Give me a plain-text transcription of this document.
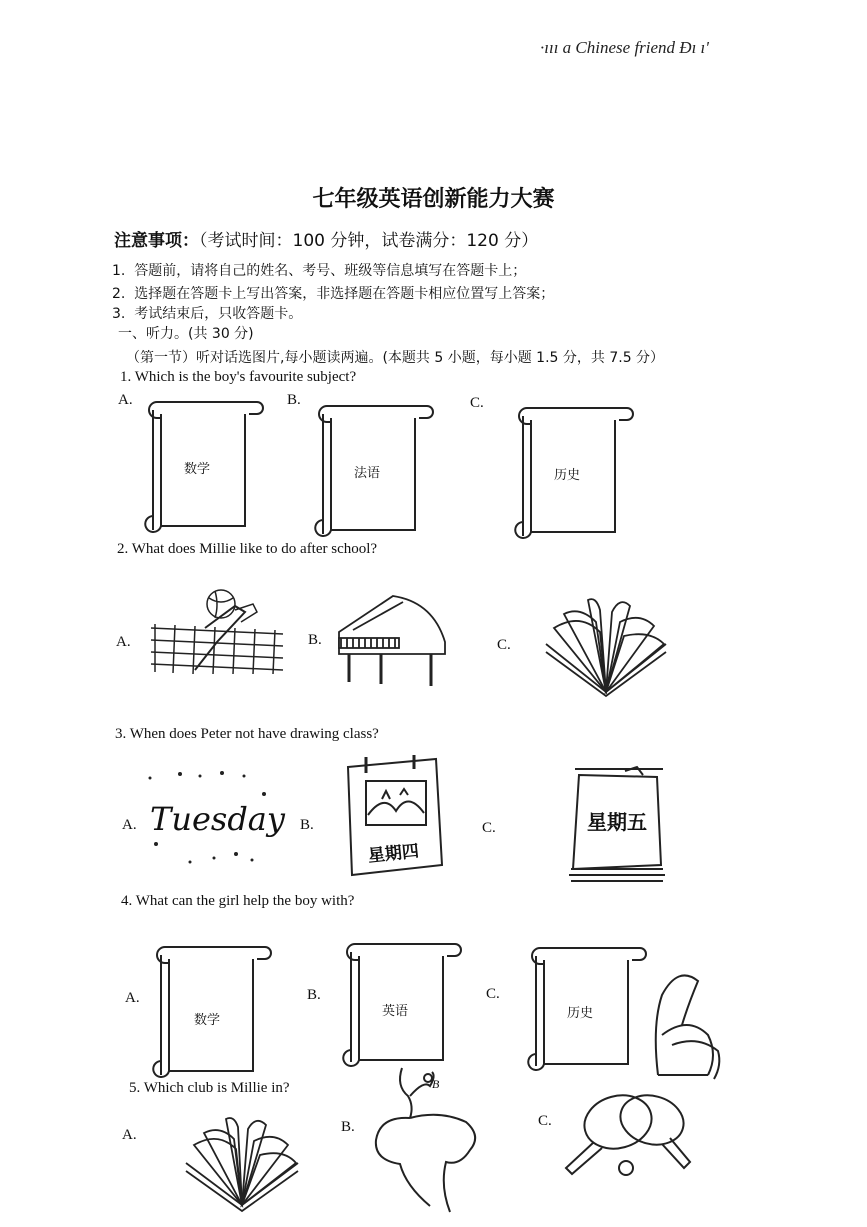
·ııı a Chinese friend Ɖı ı'
七年级英语创新能力大赛
注意事项：（考试时间：100 分钟，试卷满分：120 分）
1. 答题前，请将自己的姓名、考号、班级等信息填写在答题卡上；
2. 选择题在答题卡上写出答案，非选择题在答题卡相应位置写上答案；
3. 考试结束后，只收答题卡。
一、听力。(共 30 分)
（第一节）听对话选图片,每小题读两遍。(本题共 5 小题，每小题 1.5 分，共 7.5 分）
1. Which is the boy's favourite subject?
A.	B.	C.
数学	法语	历史
2. What does Millie like to do after school?
A.	B.	C.
3. When does Peter not have drawing class?
A.	B.	C.
Tuesday
星期四
星期五
4. What can the girl help the boy with?
A.	B.	C.
数学
英语	历史
5. Which club is Millie in?
A.	B.	C.
B
